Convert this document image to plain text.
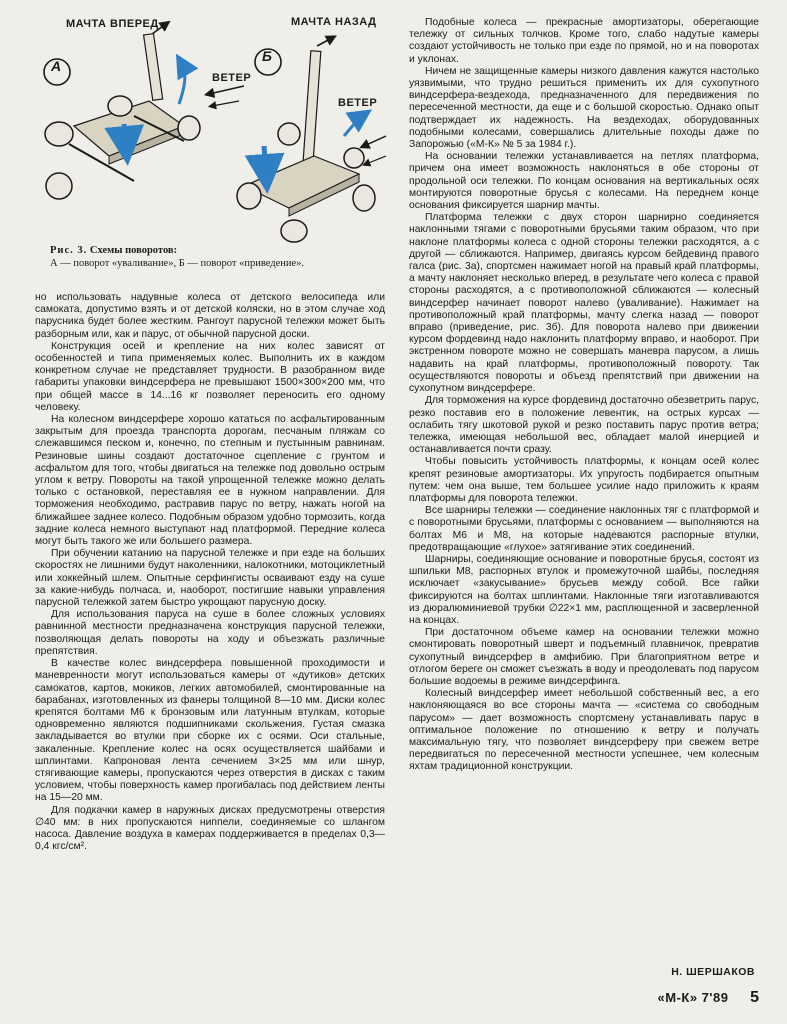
МАЧТА ВПЕРЕД	МАЧТА НАЗАД
ВЕТЕР
ВЕТЕР
А
Б
Рис. 3. Схемы поворотов:
А — поворот «уваливание», Б — поворот «приведение».

но использовать надувные колеса от детского велосипеда или самоката, допустимо взять и от детской коляски, но в этом случае ход парусника будет более жестким. Рангоут парусной тележки может быть разборным или, как и парус, от обычной парусной доски.

Конструкция осей и крепление на них колес зависят от особенностей и типа применяемых колес. Выполнить их в каждом конкретном случае не представляет трудности. В разобранном виде габариты упаковки виндсерфера не превышают 1500×300×200 мм, что при общей массе в 14...16 кг позволяет переносить его одному человеку.

На колесном виндсерфере хорошо кататься по асфальтированным закрытым для проезда транспорта дорогам, песчаным пляжам со слежавшимся песком и, конечно, по степным и пустынным равнинам. Резиновые шины создают достаточное сцепление с грунтом и асфальтом для того, чтобы двигаться на тележке под довольно острым углом к ветру. Повороты на такой упрощенной тележке можно делать только с остановкой, переставляя ее в нужном направлении. Для торможения необходимо, растравив парус по ветру, нажать ногой на ближайшее заднее колесо. Подобным образом удобно тормозить, когда задние колеса немного выступают над платформой. Передние колеса могут быть такого же или большего размера.

При обучении катанию на парусной тележке и при езде на больших скоростях не лишними будут наколенники, налокотники, мотоциклетный или хоккейный шлем. Опытные серфингисты осваивают езду на суше за какие-нибудь полчаса, и, наоборот, постигшие навыки управления парусной тележкой затем быстро укрощают парусную доску.

Для использования паруса на суше в более сложных условиях равнинной местности предназначена конструкция парусной тележки, позволяющая делать повороты на ходу и объезжать различные препятствия.

В качестве колес виндсерфера повышенной проходимости и маневренности могут использоваться камеры от «дутиков» детских самокатов, картов, мокиков, легких автомобилей, смонтированные на барабанах, изготовленных из фанеры толщиной 8—10 мм. Диски колес крепятся болтами М6 к бронзовым или латунным втулкам, которые одновременно являются подшипниками скольжения. Густая смазка закладывается во втулки при сборке их с осями. Оси стальные, закаленные. Крепление колес на осях осуществляется шайбами и шплинтами. Капроновая лента сечением 3×25 мм или шнур, стягивающие камеры, пропускаются через отверстия в дисках с таким условием, чтобы поверхность камер прогибалась под действием ленты на 15—20 мм.

Для подкачки камер в наружных дисках предусмотрены отверстия ∅40 мм: в них пропускаются ниппели, соединяемые со шлангом насоса. Давление воздуха в камерах поддерживается в пределах 0,3—0,4 кгс/см².

Подобные колеса — прекрасные амортизаторы, оберегающие тележку от сильных толчков. Кроме того, слабо надутые камеры создают устойчивость не только при езде по прямой, но и на поворотах и уклонах.

Ничем не защищенные камеры низкого давления кажутся настолько уязвимыми, что трудно решиться применить их для сухопутного виндсерфера-вездехода, предназначенного для передвижения по пересеченной местности, да еще и с большой скоростью. Однако опыт подтверждает их надежность. На вездеходах, оборудованных подобными колесами, совершались длительные походы даже по Запорожью («М-К» № 5 за 1984 г.).

На основании тележки устанавливается на петлях платформа, причем она имеет возможность наклоняться в обе стороны от продольной оси тележки. По концам основания на вертикальных осях монтируются поворотные брусья с колесами. На переднем конце основания фиксируется шарнир мачты.

Платформа тележки с двух сторон шарнирно соединяется наклонными тягами с поворотными брусьями таким образом, что при наклоне платформы колеса с одной стороны тележки расходятся, а с другой — сближаются. Например, двигаясь курсом бейдевинд правого галса (рис. 3а), спортсмен нажимает ногой на правый край платформы, а мачту наклоняет несколько вперед, в результате чего колеса с правой стороны расходятся, а с противоположной сближаются — колесный виндсерфер начинает поворот налево (уваливание). Нажимает на противоположный край платформы, мачту слегка назад — поворот вправо (приведение, рис. 3б). Для поворота налево при движении курсом фордевинд надо наклонить платформу вправо, и наоборот. При экстренном повороте можно не совершать маневра парусом, а лишь надавить на край платформы, противоположный повороту. Так осуществляются повороты и объезд препятствий при движении на сухопутном виндсерфере.

Для торможения на курсе фордевинд достаточно обезветрить парус, резко поставив его в положение левентик, на острых курсах — ослабить тягу шкотовой рукой и резко поставить парус против ветра; тележка, имеющая небольшой вес, обладает малой инерцией и останавливается почти сразу.

Чтобы повысить устойчивость платформы, к концам осей колес крепят резиновые амортизаторы. Их упругость подбирается опытным путем: чем она выше, тем большее усилие надо приложить к краям платформы для поворота тележки.

Все шарниры тележки — соединение наклонных тяг с платформой и с поворотными брусьями, платформы с основанием — выполняются на болтах М6 и М8, на которые надеваются распорные втулки, предотвращающие «глухое» затягивание этих соединений.

Шарниры, соединяющие основание и поворотные брусья, состоят из шпильки М8, распорных втулок и промежуточной шайбы, последняя исключает «закусывание» брусьев между собой. Все гайки фиксируются на болтах шплинтами. Наклонные тяги изготавливаются из дюралюминиевой трубки ∅22×1 мм, расплющенной и засверленной на концах.

При достаточном объеме камер на основании тележки можно смонтировать поворотный шверт и подъемный плавничок, превратив сухопутный виндсерфер в амфибию. При благоприятном ветре и отлогом береге он сможет съезжать в воду и преодолевать под парусом большие водоемы в режиме виндсерфинга.

Колесный виндсерфер имеет небольшой собственный вес, а его наклоняющаяся во все стороны мачта — «система со свободным парусом» — дает возможность спортсмену устанавливать парус в оптимальное положение по отношению к ветру и получать максимальную тягу, что позволяет виндсерферу при свежем ветре передвигаться по пересеченной местности успешнее, чем колесным яхтам традиционной конструкции.

Н. ШЕРШАКОВ
«М-К» 7'89 5
